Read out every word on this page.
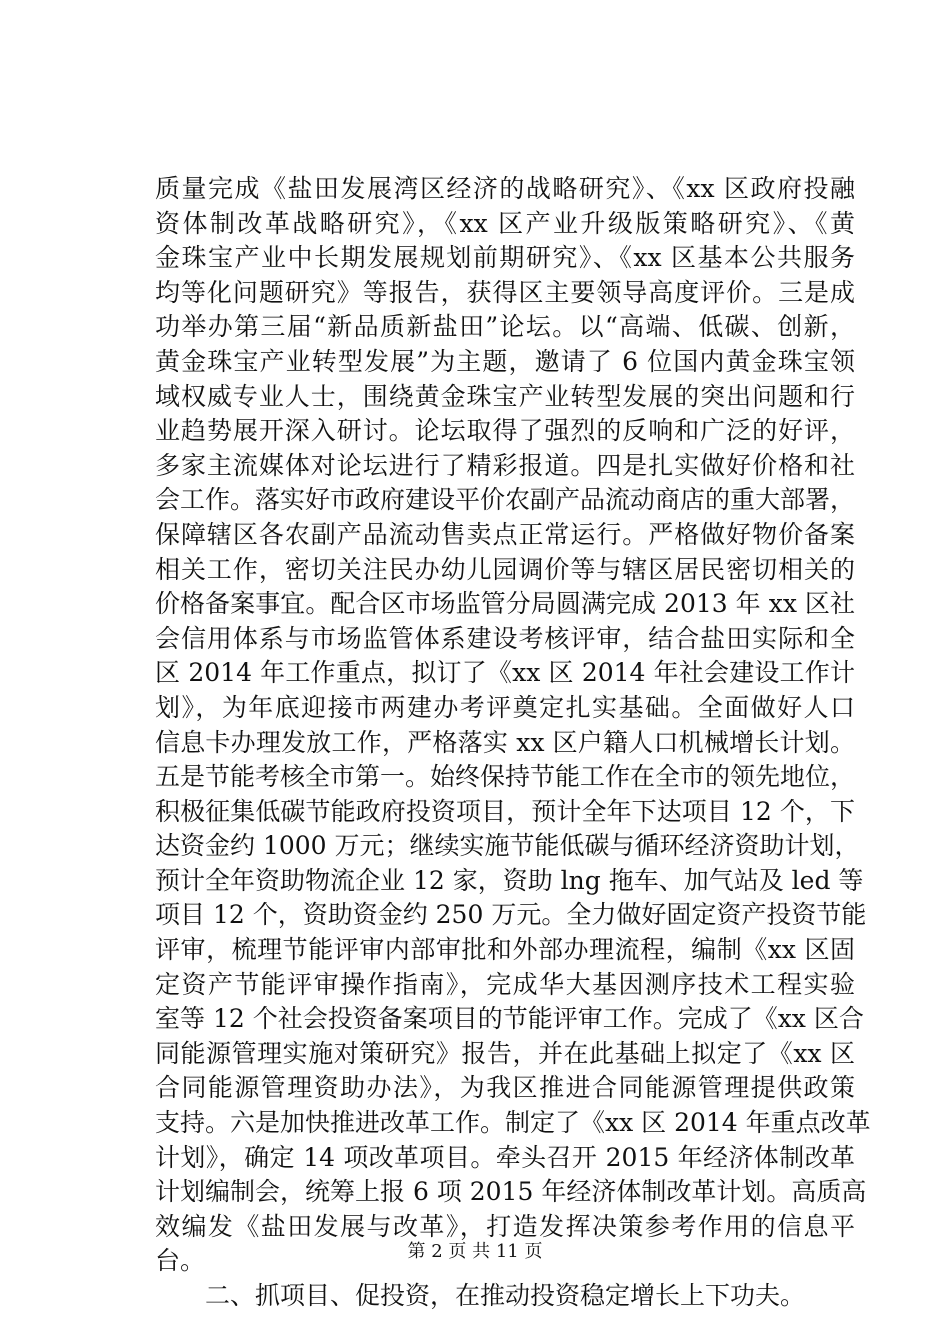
质量完成《盐田发展湾区经济的战略研究》、《xx 区政府投融
资体制改革战略研究》，《xx 区产业升级版策略研究》、《黄
金珠宝产业中长期发展规划前期研究》、《xx 区基本公共服务
均等化问题研究》等报告，获得区主要领导高度评价。三是成
功举办第三届“新品质新盐田”论坛。以“高端、低碳、创新，
黄金珠宝产业转型发展”为主题，邀请了 6 位国内黄金珠宝领
域权威专业人士，围绕黄金珠宝产业转型发展的突出问题和行
业趋势展开深入研讨。论坛取得了强烈的反响和广泛的好评，
多家主流媒体对论坛进行了精彩报道。四是扎实做好价格和社
会工作。落实好市政府建设平价农副产品流动商店的重大部署，
保障辖区各农副产品流动售卖点正常运行。严格做好物价备案
相关工作，密切关注民办幼儿园调价等与辖区居民密切相关的
价格备案事宜。配合区市场监管分局圆满完成 2013 年 xx 区社
会信用体系与市场监管体系建设考核评审，结合盐田实际和全
区 2014 年工作重点，拟订了《xx 区 2014 年社会建设工作计
划》，为年底迎接市两建办考评奠定扎实基础。全面做好人口
信息卡办理发放工作，严格落实 xx 区户籍人口机械增长计划。
五是节能考核全市第一。始终保持节能工作在全市的领先地位，
积极征集低碳节能政府投资项目，预计全年下达项目 12 个，下
达资金约 1000 万元；继续实施节能低碳与循环经济资助计划，
预计全年资助物流企业 12 家，资助 lng 拖车、加气站及 led 等
项目 12 个，资助资金约 250 万元。全力做好固定资产投资节能
评审，梳理节能评审内部审批和外部办理流程，编制《xx 区固
定资产节能评审操作指南》，完成华大基因测序技术工程实验
室等 12 个社会投资备案项目的节能评审工作。完成了《xx 区合
同能源管理实施对策研究》报告，并在此基础上拟定了《xx 区
合同能源管理资助办法》，为我区推进合同能源管理提供政策
支持。六是加快推进改革工作。制定了《xx 区 2014 年重点改革
计划》，确定 14 项改革项目。牵头召开 2015 年经济体制改革
计划编制会，统筹上报 6 项 2015 年经济体制改革计划。高质高
效编发《盐田发展与改革》，打造发挥决策参考作用的信息平
台。
二、抓项目、促投资，在推动投资稳定增长上下功夫。
第 2 页 共 11 页
